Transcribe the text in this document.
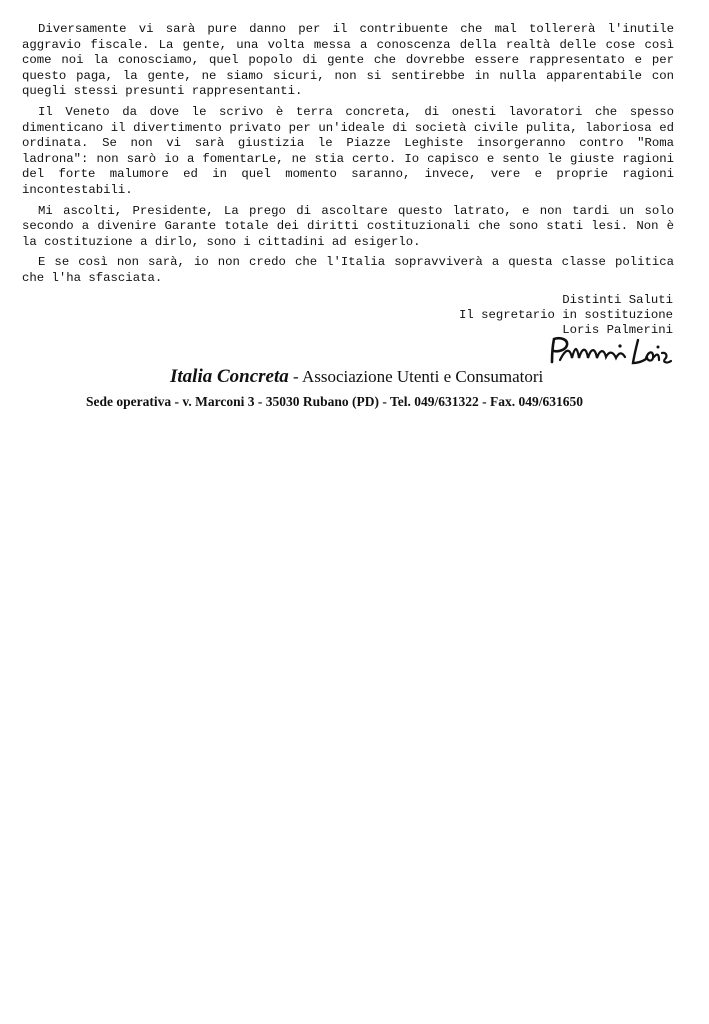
Diversamente vi sarà pure danno per il contribuente che mal tollererà l'inutile aggravio fiscale. La gente, una volta messa a conoscenza della realtà delle cose così come noi la conosciamo, quel popolo di gente che dovrebbe essere rappresentato e per questo paga, la gente, ne siamo sicuri, non si sentirebbe in nulla apparentabile con quegli stessi presunti rappresentanti.

Il Veneto da dove le scrivo è terra concreta, di onesti lavoratori che spesso dimenticano il divertimento privato per un'ideale di società civile pulita, laboriosa ed ordinata. Se non vi sarà giustizia le Piazze Leghiste insorgeranno contro "Roma ladrona": non sarò io a fomentarLe, ne stia certo. Io capisco e sento le giuste ragioni del forte malumore ed in quel momento saranno, invece, vere e proprie ragioni incontestabili.

Mi ascolti, Presidente, La prego di ascoltare questo latrato, e non tardi un solo secondo a divenire Garante totale dei diritti costituzionali che sono stati lesi. Non è la costituzione a dirlo, sono i cittadini ad esigerlo.

E se così non sarà, io non credo che l'Italia sopravviverà a questa classe politica che l'ha sfasciata.

Distinti Saluti
Il segretario in sostituzione
Loris Palmerini
Italia Concreta - Associazione Utenti e Consumatori
Sede operativa - v. Marconi 3 - 35030 Rubano (PD) - Tel. 049/631322 - Fax. 049/631650
